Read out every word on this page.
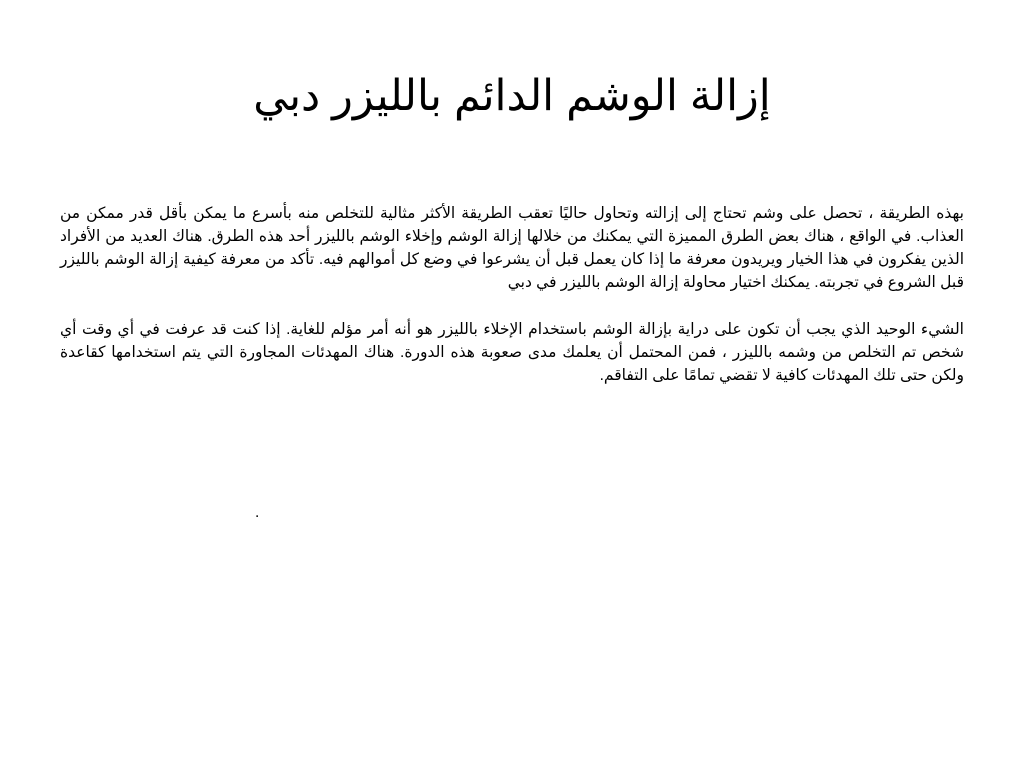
إزالة الوشم الدائم بالليزر دبي

بهذه الطريقة ، تحصل على وشم تحتاج إلى إزالته وتحاول حاليًا تعقب الطريقة الأكثر مثالية للتخلص منه بأسرع ما يمكن بأقل قدر ممكن من العذاب. في الواقع ، هناك بعض الطرق المميزة التي يمكنك من خلالها إزالة الوشم وإخلاء الوشم بالليزر أحد هذه الطرق. هناك العديد من الأفراد الذين يفكرون في هذا الخيار ويريدون معرفة ما إذا كان يعمل قبل أن يشرعوا في وضع كل أموالهم فيه. تأكد من معرفة كيفية إزالة الوشم بالليزر قبل الشروع في تجربته. يمكنك اختيار محاولة إزالة الوشم بالليزر في دبي

الشيء الوحيد الذي يجب أن تكون على دراية بإزالة الوشم باستخدام الإخلاء بالليزر هو أنه أمر مؤلم للغاية. إذا كنت قد عرفت في أي وقت أي شخص تم التخلص من وشمه بالليزر ، فمن المحتمل أن يعلمك مدى صعوبة هذه الدورة. هناك المهدئات المجاورة التي يتم استخدامها كقاعدة ولكن حتى تلك المهدئات كافية لا تقضي تمامًا على التفاقم.

.
